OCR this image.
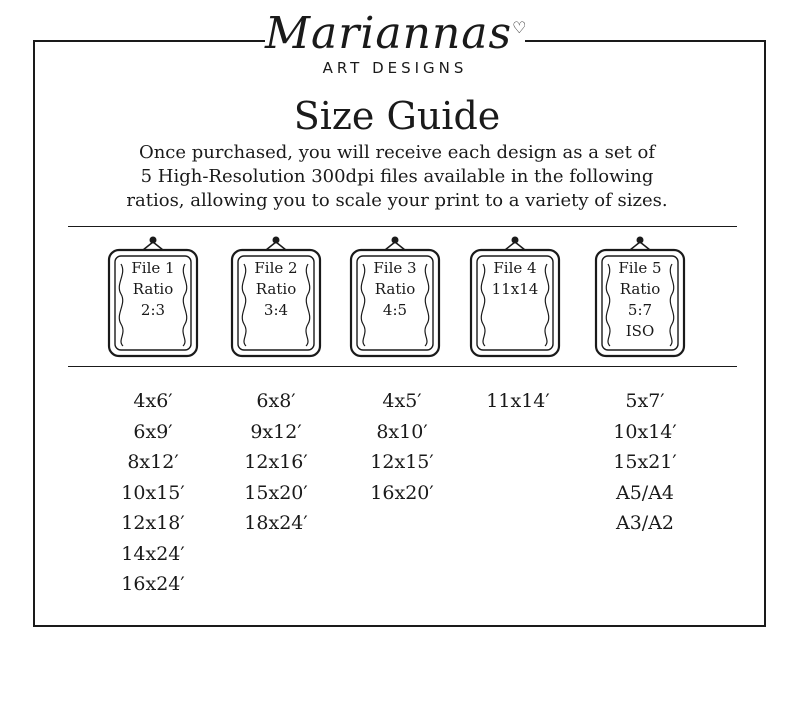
Mariannas♡
ART DESIGNS
Size Guide

Once purchased, you will receive each design as a set of
5 High-Resolution 300dpi files available in the following
ratios, allowing you to scale your print to a variety of sizes.

File 1
Ratio
2:3
File 2
Ratio
3:4
File 3
Ratio
4:5
File 4
11x14
File 5
Ratio
5:7
ISO
4x6′
6x9′
8x12′
10x15′
12x18′
14x24′
16x24′
6x8′
9x12′
12x16′
15x20′
18x24′
4x5′
8x10′
12x15′
16x20′
11x14′	5x7′
10x14′
15x21′
A5/A4
A3/A2
